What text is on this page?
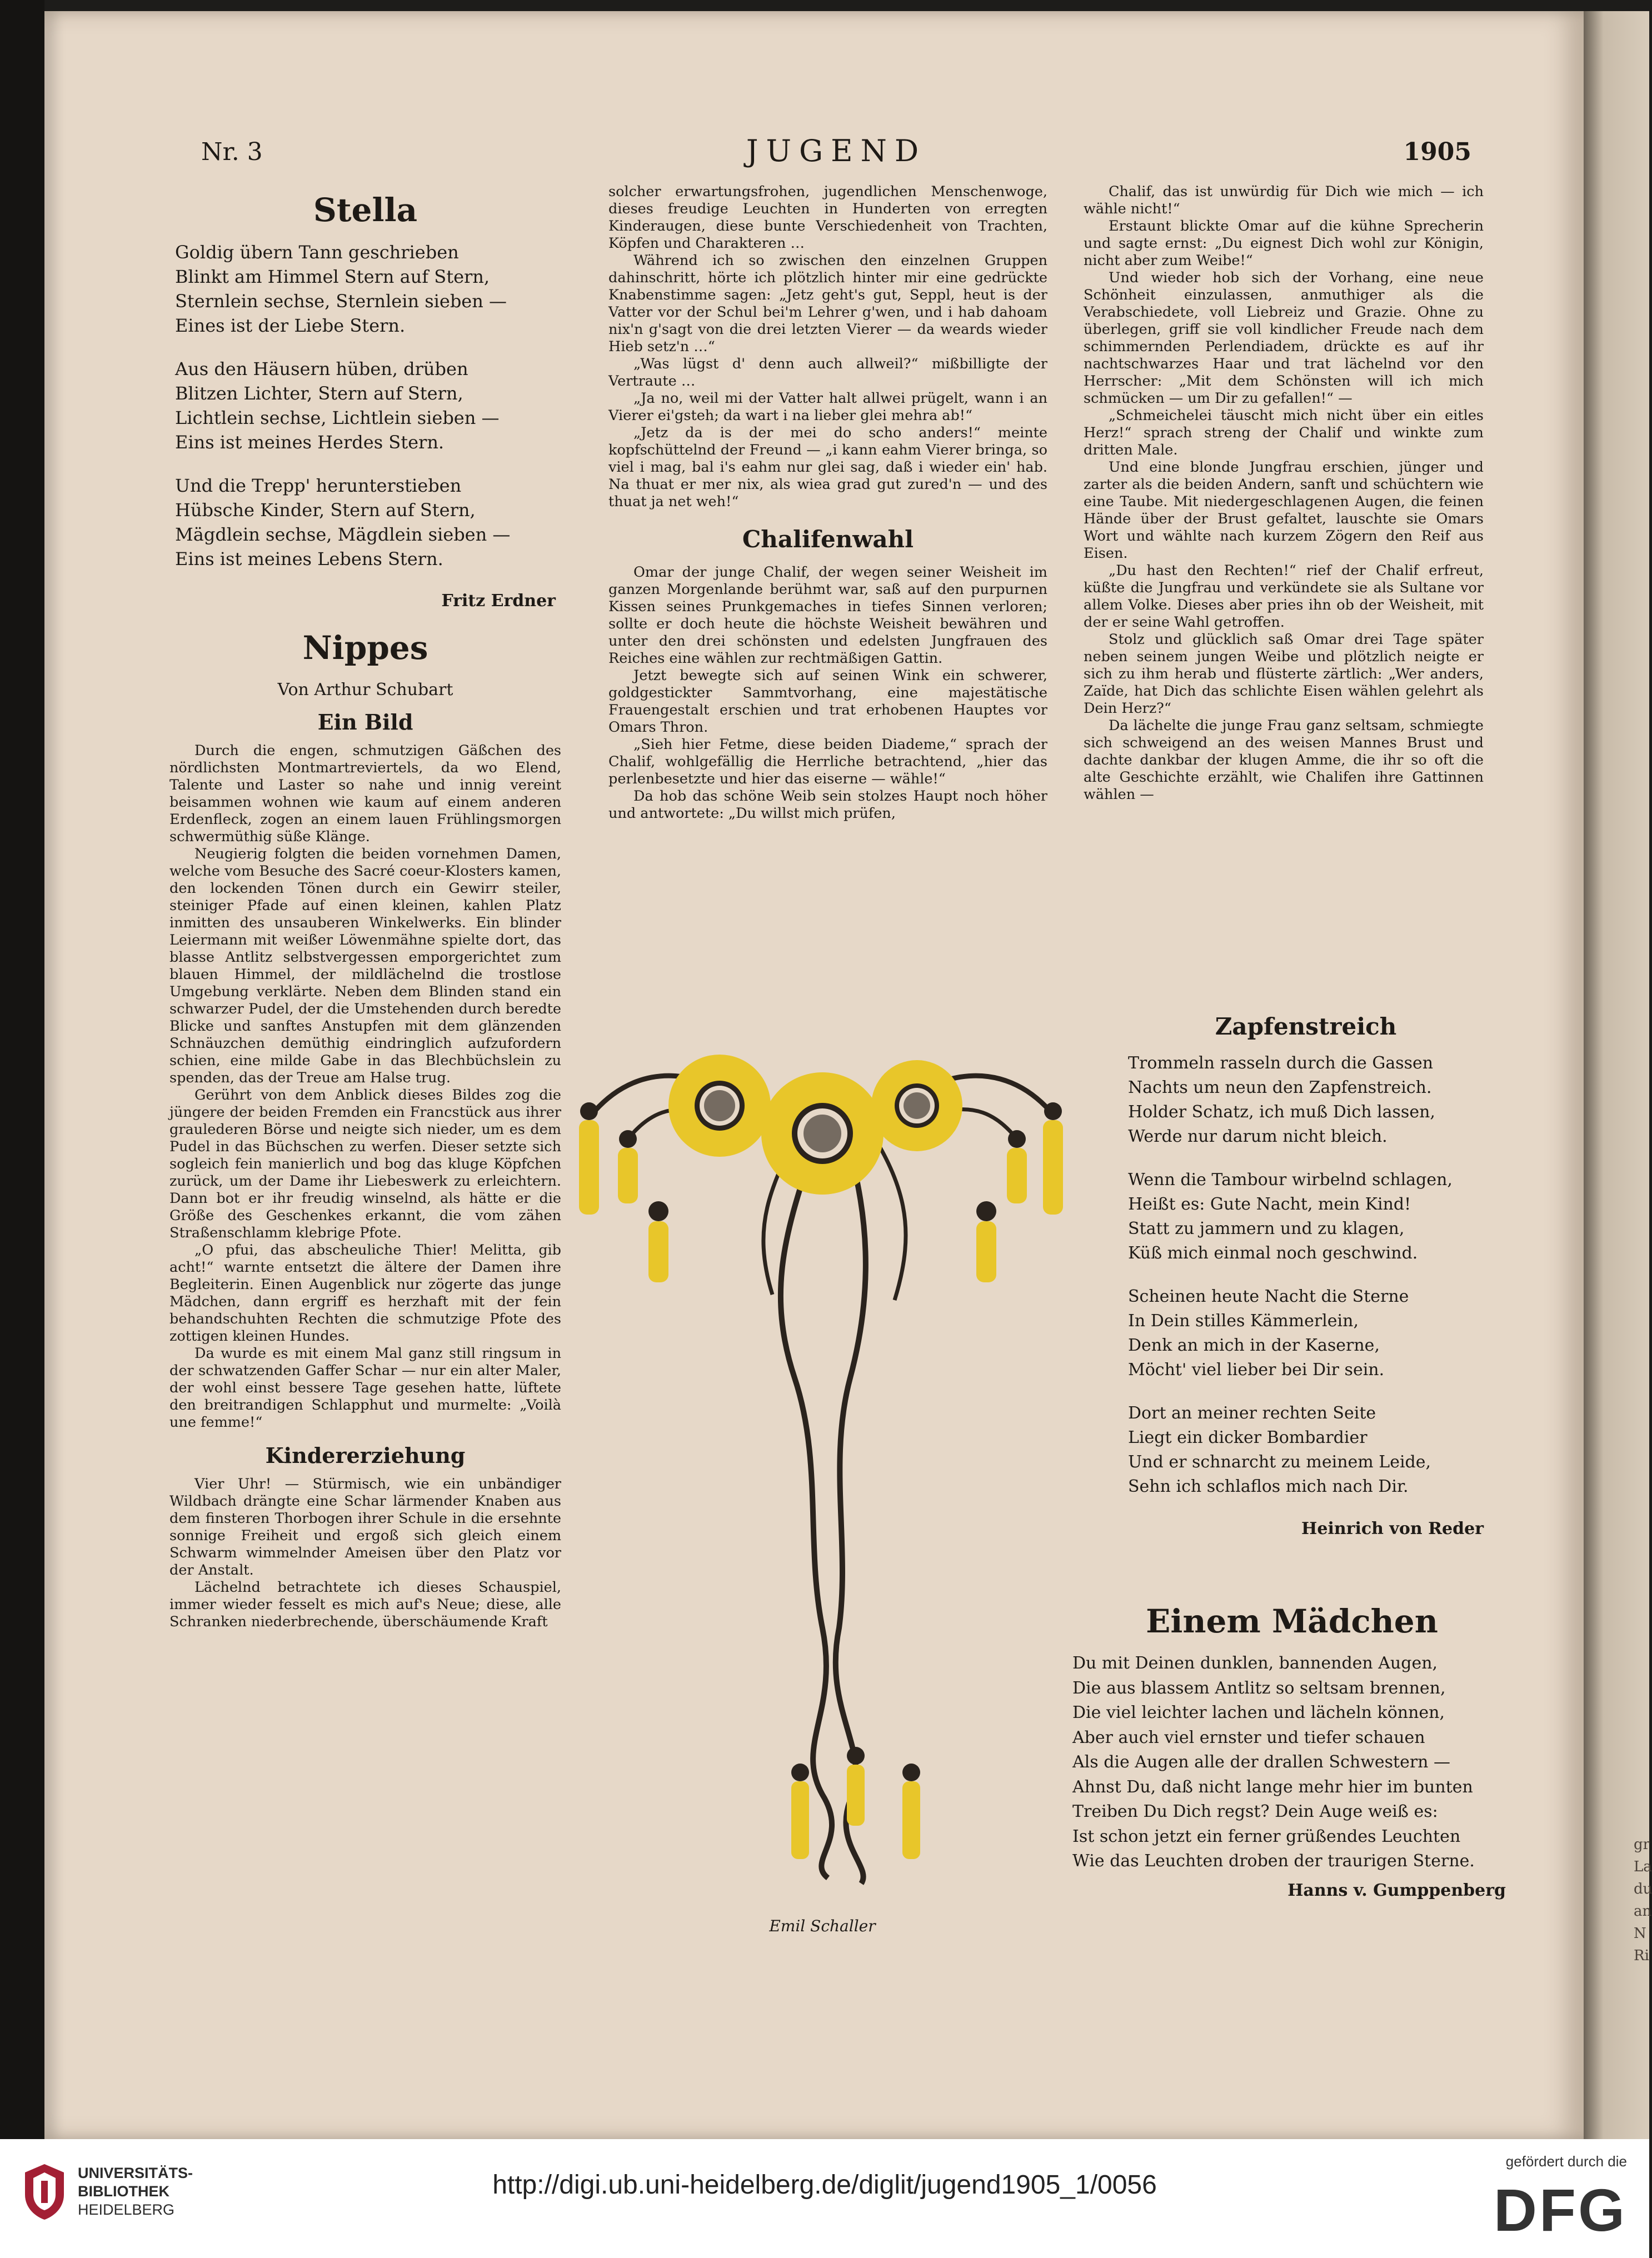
gr
La
du
an
N
Ri
Nr. 3	JUGEND	1905
Stella
Goldig übern Tann geschrieben
Blinkt am Himmel Stern auf Stern,
Sternlein sechse, Sternlein sieben —
Eines ist der Liebe Stern.
Aus den Häusern hüben, drüben
Blitzen Lichter, Stern auf Stern,
Lichtlein sechse, Lichtlein sieben —
Eins ist meines Herdes Stern.
Und die Trepp' herunterstieben
Hübsche Kinder, Stern auf Stern,
Mägdlein sechse, Mägdlein sieben —
Eins ist meines Lebens Stern.
Fritz Erdner
Nippes
Von Arthur Schubart
Ein Bild

Durch die engen, schmutzigen Gäßchen des nördlichsten Montmartreviertels, da wo Elend, Talente und Laster so nahe und innig vereint beisammen wohnen wie kaum auf einem anderen Erdenfleck, zogen an einem lauen Frühlingsmorgen schwermüthig süße Klänge.

Neugierig folgten die beiden vornehmen Damen, welche vom Besuche des Sacré coeur-Klosters kamen, den lockenden Tönen durch ein Gewirr steiler, steiniger Pfade auf einen kleinen, kahlen Platz inmitten des unsauberen Winkelwerks. Ein blinder Leiermann mit weißer Löwenmähne spielte dort, das blasse Antlitz selbstvergessen emporgerichtet zum blauen Himmel, der mildlächelnd die trostlose Umgebung verklärte. Neben dem Blinden stand ein schwarzer Pudel, der die Umstehenden durch beredte Blicke und sanftes Anstupfen mit dem glänzenden Schnäuzchen demüthig eindringlich aufzufordern schien, eine milde Gabe in das Blechbüchslein zu spenden, das der Treue am Halse trug.

Gerührt von dem Anblick dieses Bildes zog die jüngere der beiden Fremden ein Francstück aus ihrer graulederen Börse und neigte sich nieder, um es dem Pudel in das Büchschen zu werfen. Dieser setzte sich sogleich fein manierlich und bog das kluge Köpfchen zurück, um der Dame ihr Liebeswerk zu erleichtern. Dann bot er ihr freudig winselnd, als hätte er die Größe des Geschenkes erkannt, die vom zähen Straßenschlamm klebrige Pfote.

„O pfui, das abscheuliche Thier! Melitta, gib acht!“ warnte entsetzt die ältere der Damen ihre Begleiterin. Einen Augenblick nur zögerte das junge Mädchen, dann ergriff es herzhaft mit der fein behandschuhten Rechten die schmutzige Pfote des zottigen kleinen Hundes.

Da wurde es mit einem Mal ganz still ringsum in der schwatzenden Gaffer Schar — nur ein alter Maler, der wohl einst bessere Tage gesehen hatte, lüftete den breitrandigen Schlapphut und murmelte: „Voilà une femme!“

Kindererziehung

Vier Uhr! — Stürmisch, wie ein unbändiger Wildbach drängte eine Schar lärmender Knaben aus dem finsteren Thorbogen ihrer Schule in die ersehnte sonnige Freiheit und ergoß sich gleich einem Schwarm wimmelnder Ameisen über den Platz vor der Anstalt.

Lächelnd betrachtete ich dieses Schauspiel, immer wieder fesselt es mich auf's Neue; diese, alle Schranken niederbrechende, überschäumende Kraft

solcher erwartungsfrohen, jugendlichen Menschenwoge, dieses freudige Leuchten in Hunderten von erregten Kinderaugen, diese bunte Verschiedenheit von Trachten, Köpfen und Charakteren …

Während ich so zwischen den einzelnen Gruppen dahinschritt, hörte ich plötzlich hinter mir eine gedrückte Knabenstimme sagen: „Jetz geht's gut, Seppl, heut is der Vatter vor der Schul bei'm Lehrer g'wen, und i hab dahoam nix'n g'sagt von die drei letzten Vierer — da weards wieder Hieb setz'n …“

„Was lügst d' denn auch allweil?“ mißbilligte der Vertraute …

„Ja no, weil mi der Vatter halt allwei prügelt, wann i an Vierer ei'gsteh; da wart i na lieber glei mehra ab!“

„Jetz da is der mei do scho anders!“ meinte kopfschüttelnd der Freund — „i kann eahm Vierer bringa, so viel i mag, bal i's eahm nur glei sag, daß i wieder ein' hab. Na thuat er mer nix, als wiea grad gut zured'n — und des thuat ja net weh!“

Chalifenwahl

Omar der junge Chalif, der wegen seiner Weisheit im ganzen Morgenlande berühmt war, saß auf den purpurnen Kissen seines Prunkgemaches in tiefes Sinnen verloren; sollte er doch heute die höchste Weisheit bewähren und unter den drei schönsten und edelsten Jungfrauen des Reiches eine wählen zur rechtmäßigen Gattin.

Jetzt bewegte sich auf seinen Wink ein schwerer, goldgestickter Sammtvorhang, eine majestätische Frauengestalt erschien und trat erhobenen Hauptes vor Omars Thron.

„Sieh hier Fetme, diese beiden Diademe,“ sprach der Chalif, wohlgefällig die Herrliche betrachtend, „hier das perlenbesetzte und hier das eiserne — wähle!“

Da hob das schöne Weib sein stolzes Haupt noch höher und antwortete: „Du willst mich prüfen,

Chalif, das ist unwürdig für Dich wie mich — ich wähle nicht!“

Erstaunt blickte Omar auf die kühne Sprecherin und sagte ernst: „Du eignest Dich wohl zur Königin, nicht aber zum Weibe!“

Und wieder hob sich der Vorhang, eine neue Schönheit einzulassen, anmuthiger als die Verabschiedete, voll Liebreiz und Grazie. Ohne zu überlegen, griff sie voll kindlicher Freude nach dem schimmernden Perlendiadem, drückte es auf ihr nachtschwarzes Haar und trat lächelnd vor den Herrscher: „Mit dem Schönsten will ich mich schmücken — um Dir zu gefallen!“ —

„Schmeichelei täuscht mich nicht über ein eitles Herz!“ sprach streng der Chalif und winkte zum dritten Male.

Und eine blonde Jungfrau erschien, jünger und zarter als die beiden Andern, sanft und schüchtern wie eine Taube. Mit niedergeschlagenen Augen, die feinen Hände über der Brust gefaltet, lauschte sie Omars Wort und wählte nach kurzem Zögern den Reif aus Eisen.

„Du hast den Rechten!“ rief der Chalif erfreut, küßte die Jungfrau und verkündete sie als Sultane vor allem Volke. Dieses aber pries ihn ob der Weisheit, mit der er seine Wahl getroffen.

Stolz und glücklich saß Omar drei Tage später neben seinem jungen Weibe und plötzlich neigte er sich zu ihm herab und flüsterte zärtlich: „Wer anders, Zaïde, hat Dich das schlichte Eisen wählen gelehrt als Dein Herz?“

Da lächelte die junge Frau ganz seltsam, schmiegte sich schweigend an des weisen Mannes Brust und dachte dankbar der klugen Amme, die ihr so oft die alte Geschichte erzählt, wie Chalifen ihre Gattinnen wählen —

Zapfenstreich
Trommeln rasseln durch die Gassen
Nachts um neun den Zapfenstreich.
Holder Schatz, ich muß Dich lassen,
Werde nur darum nicht bleich.
Wenn die Tambour wirbelnd schlagen,
Heißt es: Gute Nacht, mein Kind!
Statt zu jammern und zu klagen,
Küß mich einmal noch geschwind.
Scheinen heute Nacht die Sterne
In Dein stilles Kämmerlein,
Denk an mich in der Kaserne,
Möcht' viel lieber bei Dir sein.
Dort an meiner rechten Seite
Liegt ein dicker Bombardier
Und er schnarcht zu meinem Leide,
Sehn ich schlaflos mich nach Dir.
Heinrich von Reder
Einem Mädchen
Du mit Deinen dunklen, bannenden Augen,
Die aus blassem Antlitz so seltsam brennen,
Die viel leichter lachen und lächeln können,
Aber auch viel ernster und tiefer schauen
Als die Augen alle der drallen Schwestern —
Ahnst Du, daß nicht lange mehr hier im bunten
Treiben Du Dich regst? Dein Auge weiß es:
Ist schon jetzt ein ferner grüßendes Leuchten
Wie das Leuchten droben der traurigen Sterne.
Hanns v. Gumppenberg
Emil Schaller
UNIVERSITÄTS-
BIBLIOTHEK
HEIDELBERG
http://digi.ub.uni-heidelberg.de/diglit/jugend1905_1/0056
gefördert durch die
DFG
